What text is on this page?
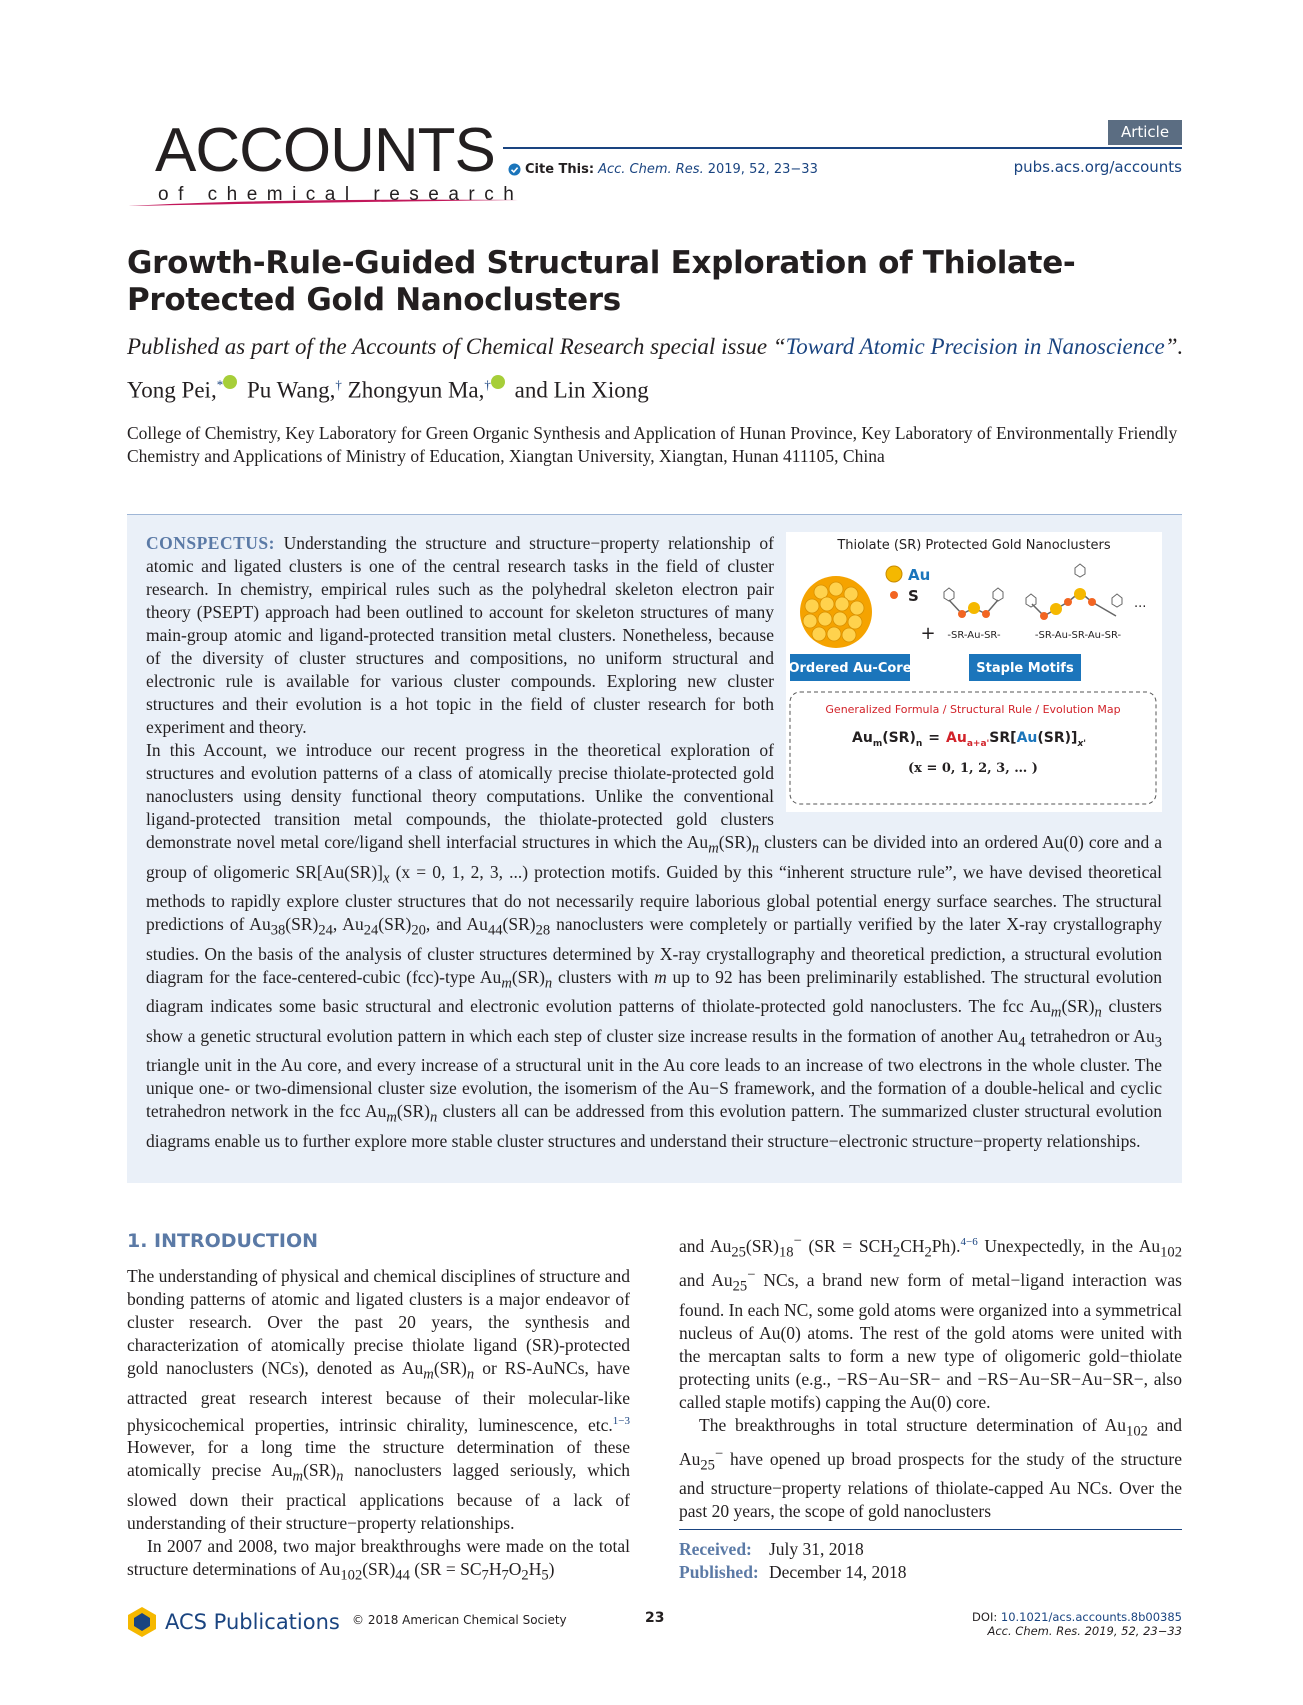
ACCOUNTS
of chemical research
Article
Cite This: Acc. Chem. Res. 2019, 52, 23−33	pubs.acs.org/accounts
Growth-Rule-Guided Structural Exploration of Thiolate-Protected Gold Nanoclusters
Published as part of the Accounts of Chemical Research special issue “Toward Atomic Precision in Nanoscience”.
Yong Pei,* Pu Wang,† Zhongyun Ma,† and Lin Xiong
College of Chemistry, Key Laboratory for Green Organic Synthesis and Application of Hunan Province, Key Laboratory of Environmentally Friendly Chemistry and Applications of Ministry of Education, Xiangtan University, Xiangtan, Hunan 411105, China

CONSPECTUS: Understanding the structure and structure−property relationship of atomic and ligated clusters is one of the central research tasks in the field of cluster research. In chemistry, empirical rules such as the polyhedral skeleton electron pair theory (PSEPT) approach had been outlined to account for skeleton structures of many main-group atomic and ligand-protected transition metal clusters. Nonetheless, because of the diversity of cluster structures and compositions, no uniform structural and electronic rule is available for various cluster compounds. Exploring new cluster structures and their evolution is a hot topic in the field of cluster research for both experiment and theory.

In this Account, we introduce our recent progress in the theoretical exploration of structures and evolution patterns of a class of atomically precise thiolate-protected gold nanoclusters using density functional theory computations. Unlike the conventional ligand-protected transition metal compounds, the thiolate-protected gold clusters demonstrate novel metal core/ligand shell interfacial structures in which the $Au_m(SR)_n$ clusters can be divided into an ordered Au(0) core and a group of oligomeric $SR[Au(SR)]_x$ (x = 0, 1, 2, 3, ...) protection motifs. Guided by this “inherent structure rule”, we have devised theoretical methods to rapidly explore cluster structures that do not necessarily require laborious global potential energy surface searches. The structural predictions of $Au_{38}(SR)_{24}$, $Au_{24}(SR)_{20}$, and $Au_{44}(SR)_{28}$ nanoclusters were completely or partially verified by the later X-ray crystallography studies. On the basis of the analysis of cluster structures determined by X-ray crystallography and theoretical prediction, a structural evolution diagram for the face-centered-cubic (fcc)-type $Au_m(SR)_n$ clusters with m up to 92 has been preliminarily established. The structural evolution diagram indicates some basic structural and electronic evolution patterns of thiolate-protected gold nanoclusters. The fcc $Au_m(SR)_n$ clusters show a genetic structural evolution pattern in which each step of cluster size increase results in the formation of another $Au_4$ tetrahedron or $Au_3$ triangle unit in the Au core, and every increase of a structural unit in the Au core leads to an increase of two electrons in the whole cluster. The unique one- or two-dimensional cluster size evolution, the isomerism of the Au−S framework, and the formation of a double-helical and cyclic tetrahedron network in the fcc $Au_m(SR)_n$ clusters all can be addressed from this evolution pattern. The summarized cluster structural evolution diagrams enable us to further explore more stable cluster structures and understand their structure−electronic structure−property relationships.

Thiolate (SR) Protected Gold Nanoclusters
Au
S
+ -SR-Au-SR-
...
-SR-Au-SR-Au-SR-
Ordered Au-Core	Staple Motifs
Generalized Formula / Structural Rule / Evolution Map
$Au_m(SR)_n = Au_{a+a'}SR[Au(SR)]_{x'}$
(x = 0, 1, 2, 3, … )
1. INTRODUCTION

The understanding of physical and chemical disciplines of structure and bonding patterns of atomic and ligated clusters is a major endeavor of cluster research. Over the past 20 years, the synthesis and characterization of atomically precise thiolate ligand (SR)-protected gold nanoclusters (NCs), denoted as $Au_m(SR)_n$ or RS-AuNCs, have attracted great research interest because of their molecular-like physicochemical properties, intrinsic chirality, luminescence, etc.$^{1-3}$ However, for a long time the structure determination of these atomically precise $Au_m(SR)_n$ nanoclusters lagged seriously, which slowed down their practical applications because of a lack of understanding of their structure−property relationships.

In 2007 and 2008, two major breakthroughs were made on the total structure determinations of $Au_{102}(SR)_{44}$ $(SR = SC_7H_7O_2H_5)$

and $Au_{25}(SR)_{18}^-$ $(SR = SCH_2CH_2Ph).^{4-6}$ Unexpectedly, in the $Au_{102}$ and $Au_{25}^-$ NCs, a brand new form of metal−ligand interaction was found. In each NC, some gold atoms were organized into a symmetrical nucleus of Au(0) atoms. The rest of the gold atoms were united with the mercaptan salts to form a new type of oligomeric gold−thiolate protecting units (e.g., −RS−Au−SR− and −RS−Au−SR−Au−SR−, also called staple motifs) capping the Au(0) core.

The breakthroughs in total structure determination of $Au_{102}$ and $Au_{25}^-$ have opened up broad prospects for the study of the structure and structure−property relations of thiolate-capped Au NCs. Over the past 20 years, the scope of gold nanoclusters

Received: July 31, 2018
Published: December 14, 2018
ACS Publications © 2018 American Chemical Society	23	DOI: 10.1021/acs.accounts.8b00385
Acc. Chem. Res. 2019, 52, 23−33
